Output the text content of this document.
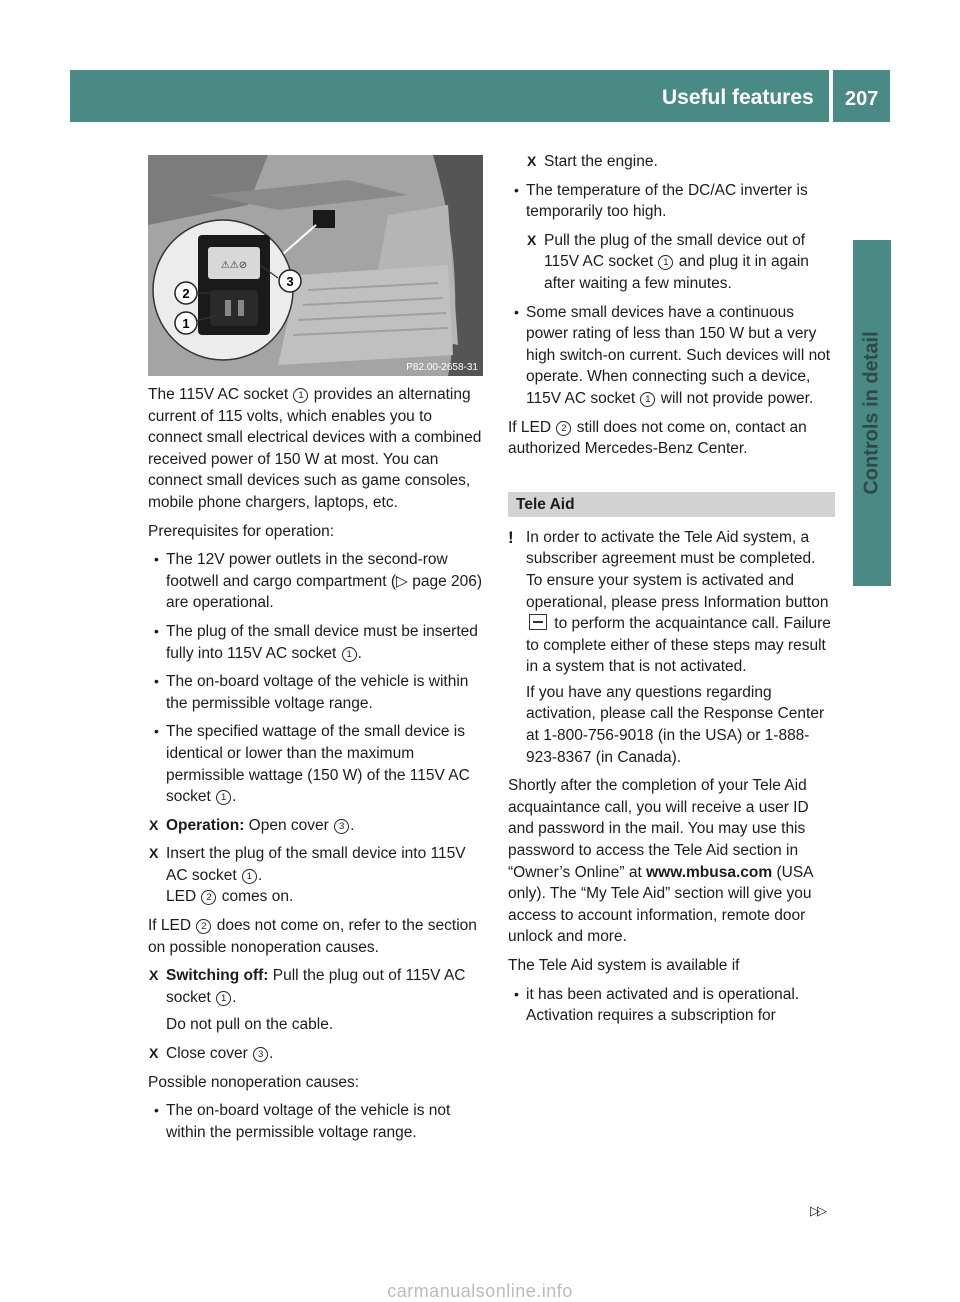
Useful features 207
Controls in detail
⚠⚠⊘
2
1
3
P82.00-2658-31

The 115V AC socket 1 provides an alternating current of 115 volts, which enables you to connect small electrical devices with a combined received power of 150 W at most. You can connect small devices such as game consoles, mobile phone chargers, laptops, etc.

Prerequisites for operation:

• The 12V power outlets in the second-row footwell and cargo compartment (▷ page 206) are operational.
• The plug of the small device must be inserted fully into 115V AC socket 1 .
• The on-board voltage of the vehicle is within the permissible voltage range.
• The specified wattage of the small device is identical or lower than the maximum permissible wattage (150 W) of the 115V AC socket 1 .
X Operation: Open cover 3 .
X Insert the plug of the small device into 115V AC socket 1 .

LED 2 comes on.

If LED 2 does not come on, refer to the section on possible nonoperation causes.

X Switching off: Pull the plug out of 115V AC socket 1 .

Do not pull on the cable.

X Close cover 3 .

Possible nonoperation causes:

• The on-board voltage of the vehicle is not within the permissible voltage range.
X Start the engine.
• The temperature of the DC/AC inverter is temporarily too high.
X Pull the plug of the small device out of 115V AC socket 1 and plug it in again after waiting a few minutes.
• Some small devices have a continuous power rating of less than 150 W but a very high switch-on current. Such devices will not operate. When connecting such a device, 115V AC socket 1 will not provide power.

If LED 2 still does not come on, contact an authorized Mercedes-Benz Center.

Tele Aid
! In order to activate the Tele Aid system, a subscriber agreement must be completed. To ensure your system is activated and operational, please press Information button  to perform the acquaintance call. Failure to complete either of these steps may result in a system that is not activated.

If you have any questions regarding activation, please call the Response Center at 1-800-756-9018 (in the USA) or 1-888-923-8367 (in Canada).

Shortly after the completion of your Tele Aid acquaintance call, you will receive a user ID and password in the mail. You may use this password to access the Tele Aid section in “Owner’s Online” at www.mbusa.com (USA only). The “My Tele Aid” section will give you access to account information, remote door unlock and more.

The Tele Aid system is available if

• it has been activated and is operational. Activation requires a subscription for
▷▷
carmanualsonline.info
